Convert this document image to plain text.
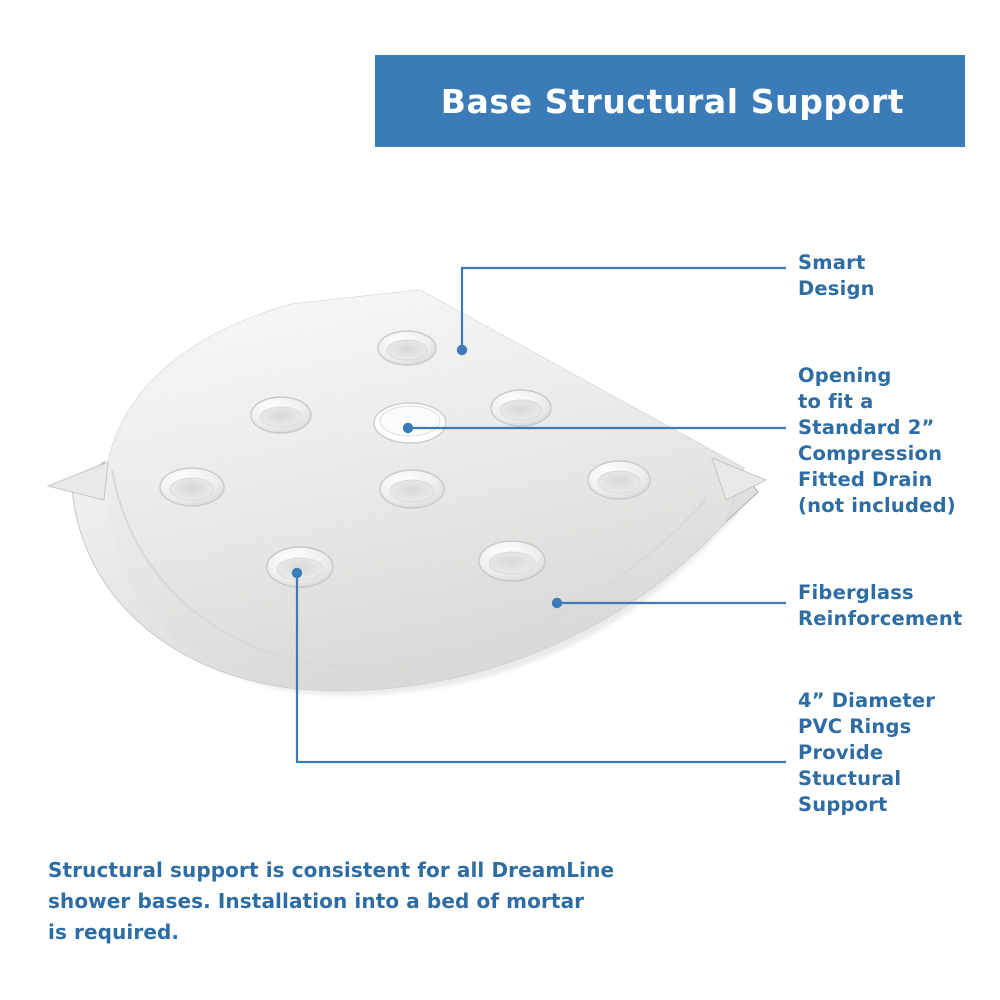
Base Structural Support
Smart
Design
Opening
to fit a
Standard 2”
Compression
Fitted Drain
(not included)
Fiberglass
Reinforcement
4” Diameter
PVC Rings
Provide
Stuctural
Support
Structural support is consistent for all DreamLine
shower bases. Installation into a bed of mortar
is required.
